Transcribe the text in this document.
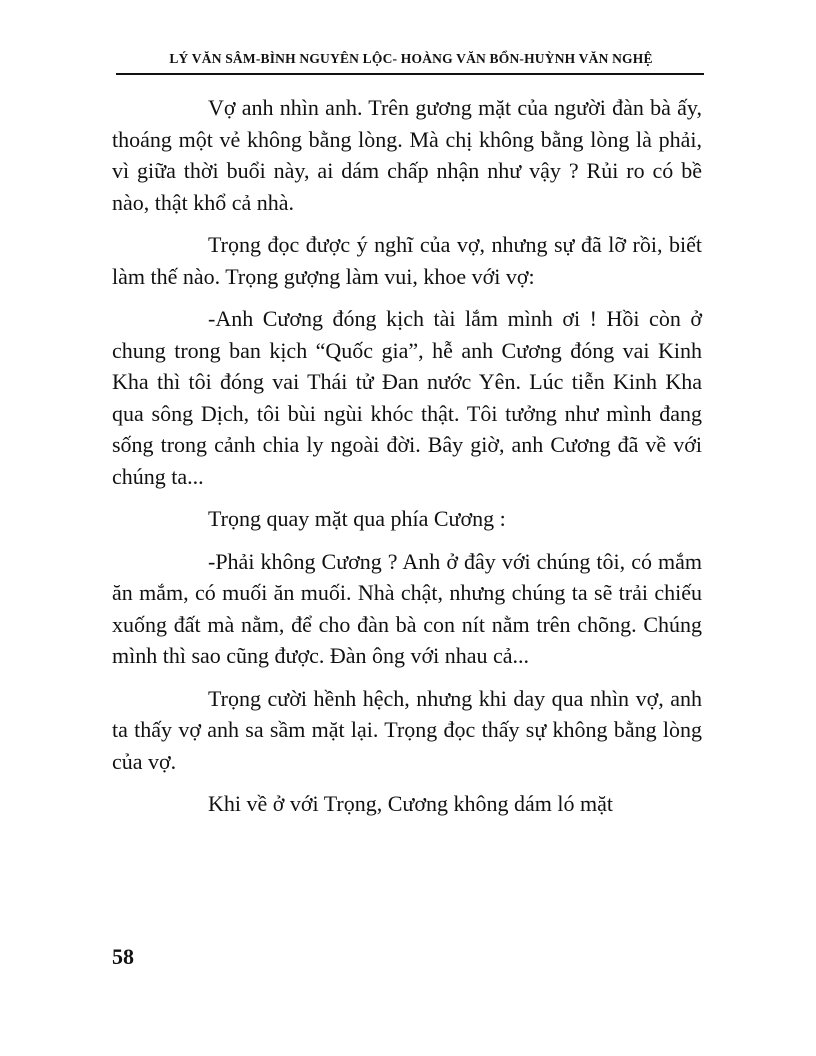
LÝ VĂN SÂM-BÌNH NGUYÊN LỘC- HOÀNG VĂN BỔN-HUỲNH VĂN NGHỆ

Vợ anh nhìn anh. Trên gương mặt của người đàn bà ấy, thoáng một vẻ không bằng lòng. Mà chị không bằng lòng là phải, vì giữa thời buổi này, ai dám chấp nhận như vậy ? Rủi ro có bề nào, thật khổ cả nhà.

Trọng đọc được ý nghĩ của vợ, nhưng sự đã lỡ rồi, biết làm thế nào. Trọng gượng làm vui, khoe với vợ:

-Anh Cương đóng kịch tài lắm mình ơi ! Hồi còn ở chung trong ban kịch “Quốc gia”, hễ anh Cương đóng vai Kinh Kha thì tôi đóng vai Thái tử Đan nước Yên. Lúc tiễn Kinh Kha qua sông Dịch, tôi bùi ngùi khóc thật. Tôi tưởng như mình đang sống trong cảnh chia ly ngoài đời. Bây giờ, anh Cương đã về với chúng ta...

Trọng quay mặt qua phía Cương :

-Phải không Cương ? Anh ở đây với chúng tôi, có mắm ăn mắm, có muối ăn muối. Nhà chật, nhưng chúng ta sẽ trải chiếu xuống đất mà nằm, để cho đàn bà con nít nằm trên chõng. Chúng mình thì sao cũng được. Đàn ông với nhau cả...

Trọng cười hềnh hệch, nhưng khi day qua nhìn vợ, anh ta thấy vợ anh sa sầm mặt lại. Trọng đọc thấy sự không bằng lòng của vợ.

Khi về ở với Trọng, Cương không dám ló mặt

58
